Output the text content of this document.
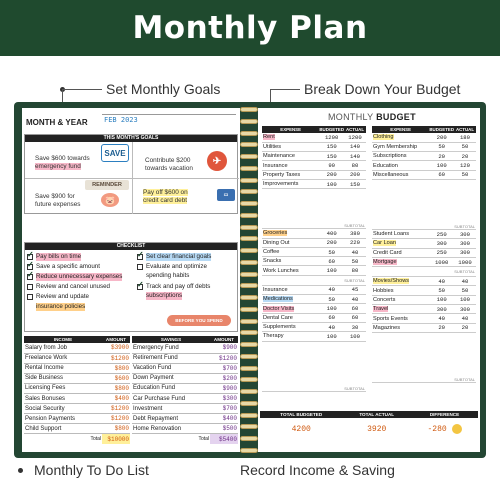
Monthly Plan
Set Monthly Goals	Break Down Your Budget
Monthly To Do List	Record Income & Saving
MONTH & YEAR FEB 2023
THIS MONTH'S GOALS
Save $600 towards
emergency fund
SAVE
Contribute $200
towards vacation
✈
REMINDER
Save $900 for
future expenses	🐷
Pay off $600 on
credit card debt
▭
CHECKLIST
✓
Pay bills on time
✓
Save a specific amount
✓
Reduce unnecessary expenses
Review and cancel unused
Review and update
insurance policies
✓
Set clear financial goals
Evaluate and optimize
spending habits
✓
Track and pay off debts
subscriptions
BEFORE YOU SPEND
INCOME	AMOUNT
Salary from Job	$3900
Freelance Work	$1200
Rental Income	$800
Side Business	$600
Licensing Fees	$800
Sales Bonuses	$400
Social Security	$1200
Pension Payments	$1200
Child Support	$800
Total	$10000
SAVINGS	AMOUNT
Emergency Fund	$900
Retirement Fund	$1200
Vacation Fund	$700
Down Payment	$200
Education Fund	$900
Car Purchase Fund	$300
Investment	$700
Debt Repayment	$400
Home Renovation	$500
Total	$5400
MONTHLY BUDGET
EXPENSE	BUDGETED	ACTUAL
Rent	1200	1200
Utilities	150	140
Maintenance	150	140
Insurance	90	80
Property Taxes	200	200
Improvements	100	150
SUBTOTAL		
Groceries	400	380
Dining Out	200	220
Coffee	50	40
Snacks	60	50
Work Lunches	100	80
SUBTOTAL		
Insurance	40	45
Medications	50	40
Doctor Visits	100	60
Dental Care	60	60
Supplements	40	30
Therapy	100	100
SUBTOTAL		
EXPENSE	BUDGETED	ACTUAL
Clothing	200	180
Gym Membership	50	50
Subscriptions	20	20
Education	100	120
Miscellaneous	60	50
SUBTOTAL		
Student Loans	250	300
Car Loan	300	300
Credit Card	250	300
Mortgage	1000	1000
SUBTOTAL		
Movies/Shows	40	40
Hobbies	50	50
Concerts	100	100
Travel	300	300
Sports Events	40	40
Magazines	20	20
SUBTOTAL		
TOTAL BUDGETED	TOTAL ACTUAL	DIFFERENCE
4200	3920	-280
